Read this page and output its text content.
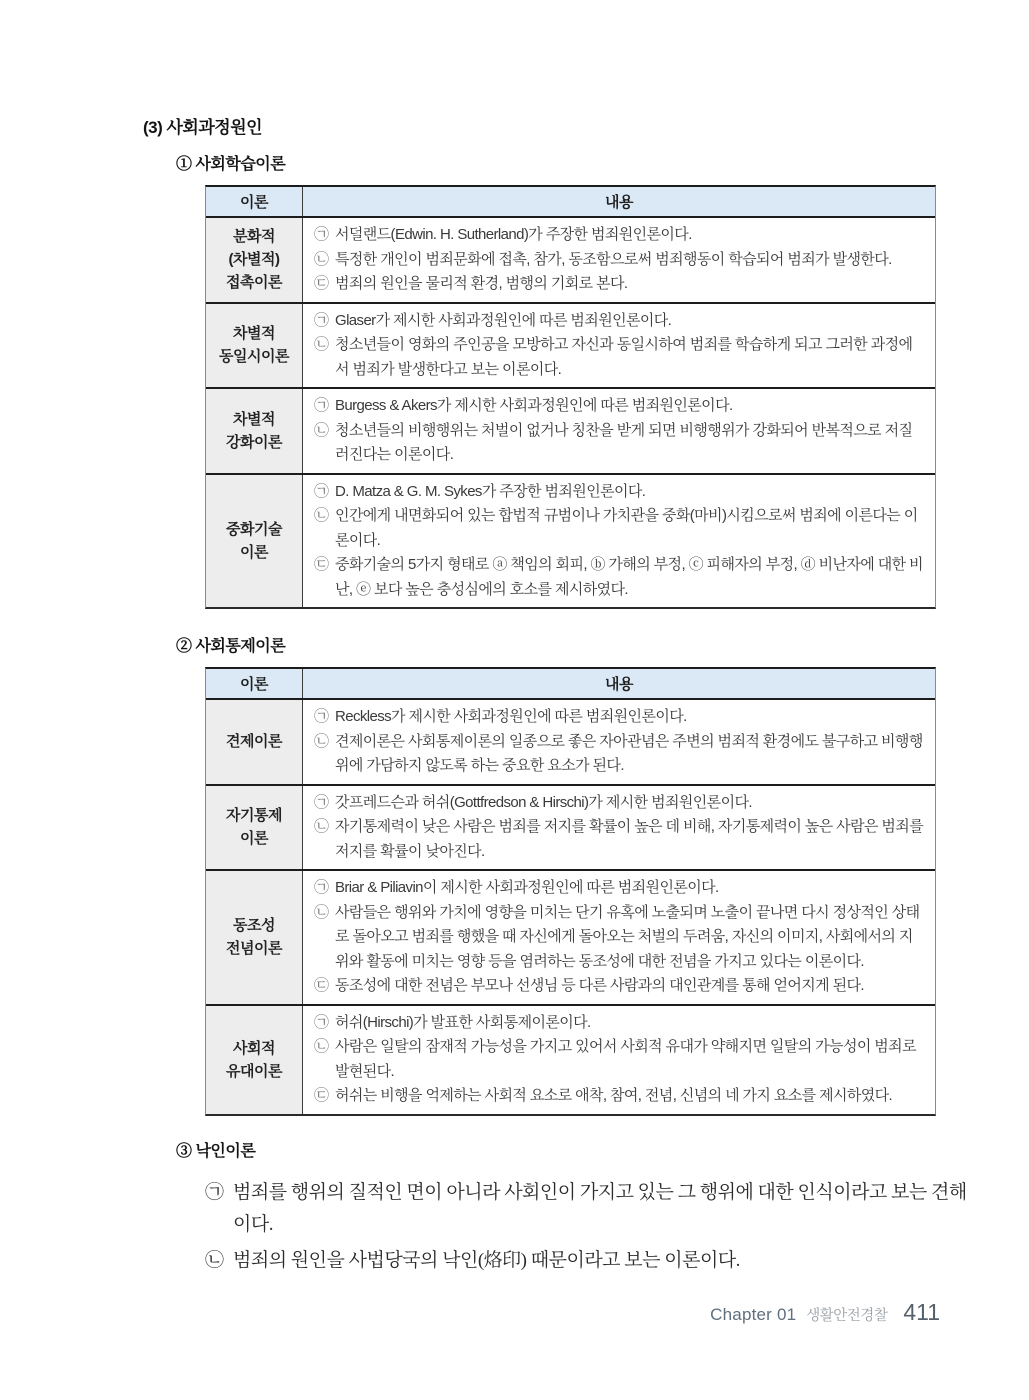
(3) 사회과정원인
① 사회학습이론
이론	내용
분화적
(차별적)
접촉이론
㉠ 서덜랜드(Edwin. H. Sutherland)가 주장한 범죄원인론이다.
㉡ 특정한 개인이 범죄문화에 접촉, 참가, 동조함으로써 범죄행동이 학습되어 범죄가 발생한다.
㉢ 범죄의 원인을 물리적 환경, 범행의 기회로 본다.
차별적
동일시이론
㉠ Glaser가 제시한 사회과정원인에 따른 범죄원인론이다.
㉡ 청소년들이 영화의 주인공을 모방하고 자신과 동일시하여 범죄를 학습하게 되고 그러한 과정에서 범죄가 발생한다고 보는 이론이다.
차별적
강화이론
㉠ Burgess & Akers가 제시한 사회과정원인에 따른 범죄원인론이다.
㉡ 청소년들의 비행행위는 처벌이 없거나 칭찬을 받게 되면 비행행위가 강화되어 반복적으로 저질러진다는 이론이다.
중화기술
이론
㉠ D. Matza & G. M. Sykes가 주장한 범죄원인론이다.
㉡ 인간에게 내면화되어 있는 합법적 규범이나 가치관을 중화(마비)시킴으로써 범죄에 이른다는 이론이다.
㉢ 중화기술의 5가지 형태로 ⓐ 책임의 회피, ⓑ 가해의 부정, ⓒ 피해자의 부정, ⓓ 비난자에 대한 비난, ⓔ 보다 높은 충성심에의 호소를 제시하였다.
② 사회통제이론
이론	내용
견제이론
㉠ Reckless가 제시한 사회과정원인에 따른 범죄원인론이다.
㉡ 견제이론은 사회통제이론의 일종으로 좋은 자아관념은 주변의 범죄적 환경에도 불구하고 비행행위에 가담하지 않도록 하는 중요한 요소가 된다.
자기통제
이론
㉠ 갓프레드슨과 허쉬(Gottfredson & Hirschi)가 제시한 범죄원인론이다.
㉡ 자기통제력이 낮은 사람은 범죄를 저지를 확률이 높은 데 비해, 자기통제력이 높은 사람은 범죄를 저지를 확률이 낮아진다.
동조성
전념이론
㉠ Briar & Piliavin이 제시한 사회과정원인에 따른 범죄원인론이다.
㉡ 사람들은 행위와 가치에 영향을 미치는 단기 유혹에 노출되며 노출이 끝나면 다시 정상적인 상태로 돌아오고 범죄를 행했을 때 자신에게 돌아오는 처벌의 두려움, 자신의 이미지, 사회에서의 지위와 활동에 미치는 영향 등을 염려하는 동조성에 대한 전념을 가지고 있다는 이론이다.
㉢ 동조성에 대한 전념은 부모나 선생님 등 다른 사람과의 대인관계를 통해 얻어지게 된다.
사회적
유대이론
㉠ 허쉬(Hirschi)가 발표한 사회통제이론이다.
㉡ 사람은 일탈의 잠재적 가능성을 가지고 있어서 사회적 유대가 약해지면 일탈의 가능성이 범죄로 발현된다.
㉢ 허쉬는 비행을 억제하는 사회적 요소로 애착, 참여, 전념, 신념의 네 가지 요소를 제시하였다.
③ 낙인이론
㉠ 범죄를 행위의 질적인 면이 아니라 사회인이 가지고 있는 그 행위에 대한 인식이라고 보는 견해이다.
㉡ 범죄의 원인을 사법당국의 낙인(烙印) 때문이라고 보는 이론이다.
Chapter 01 생활안전경찰 411
